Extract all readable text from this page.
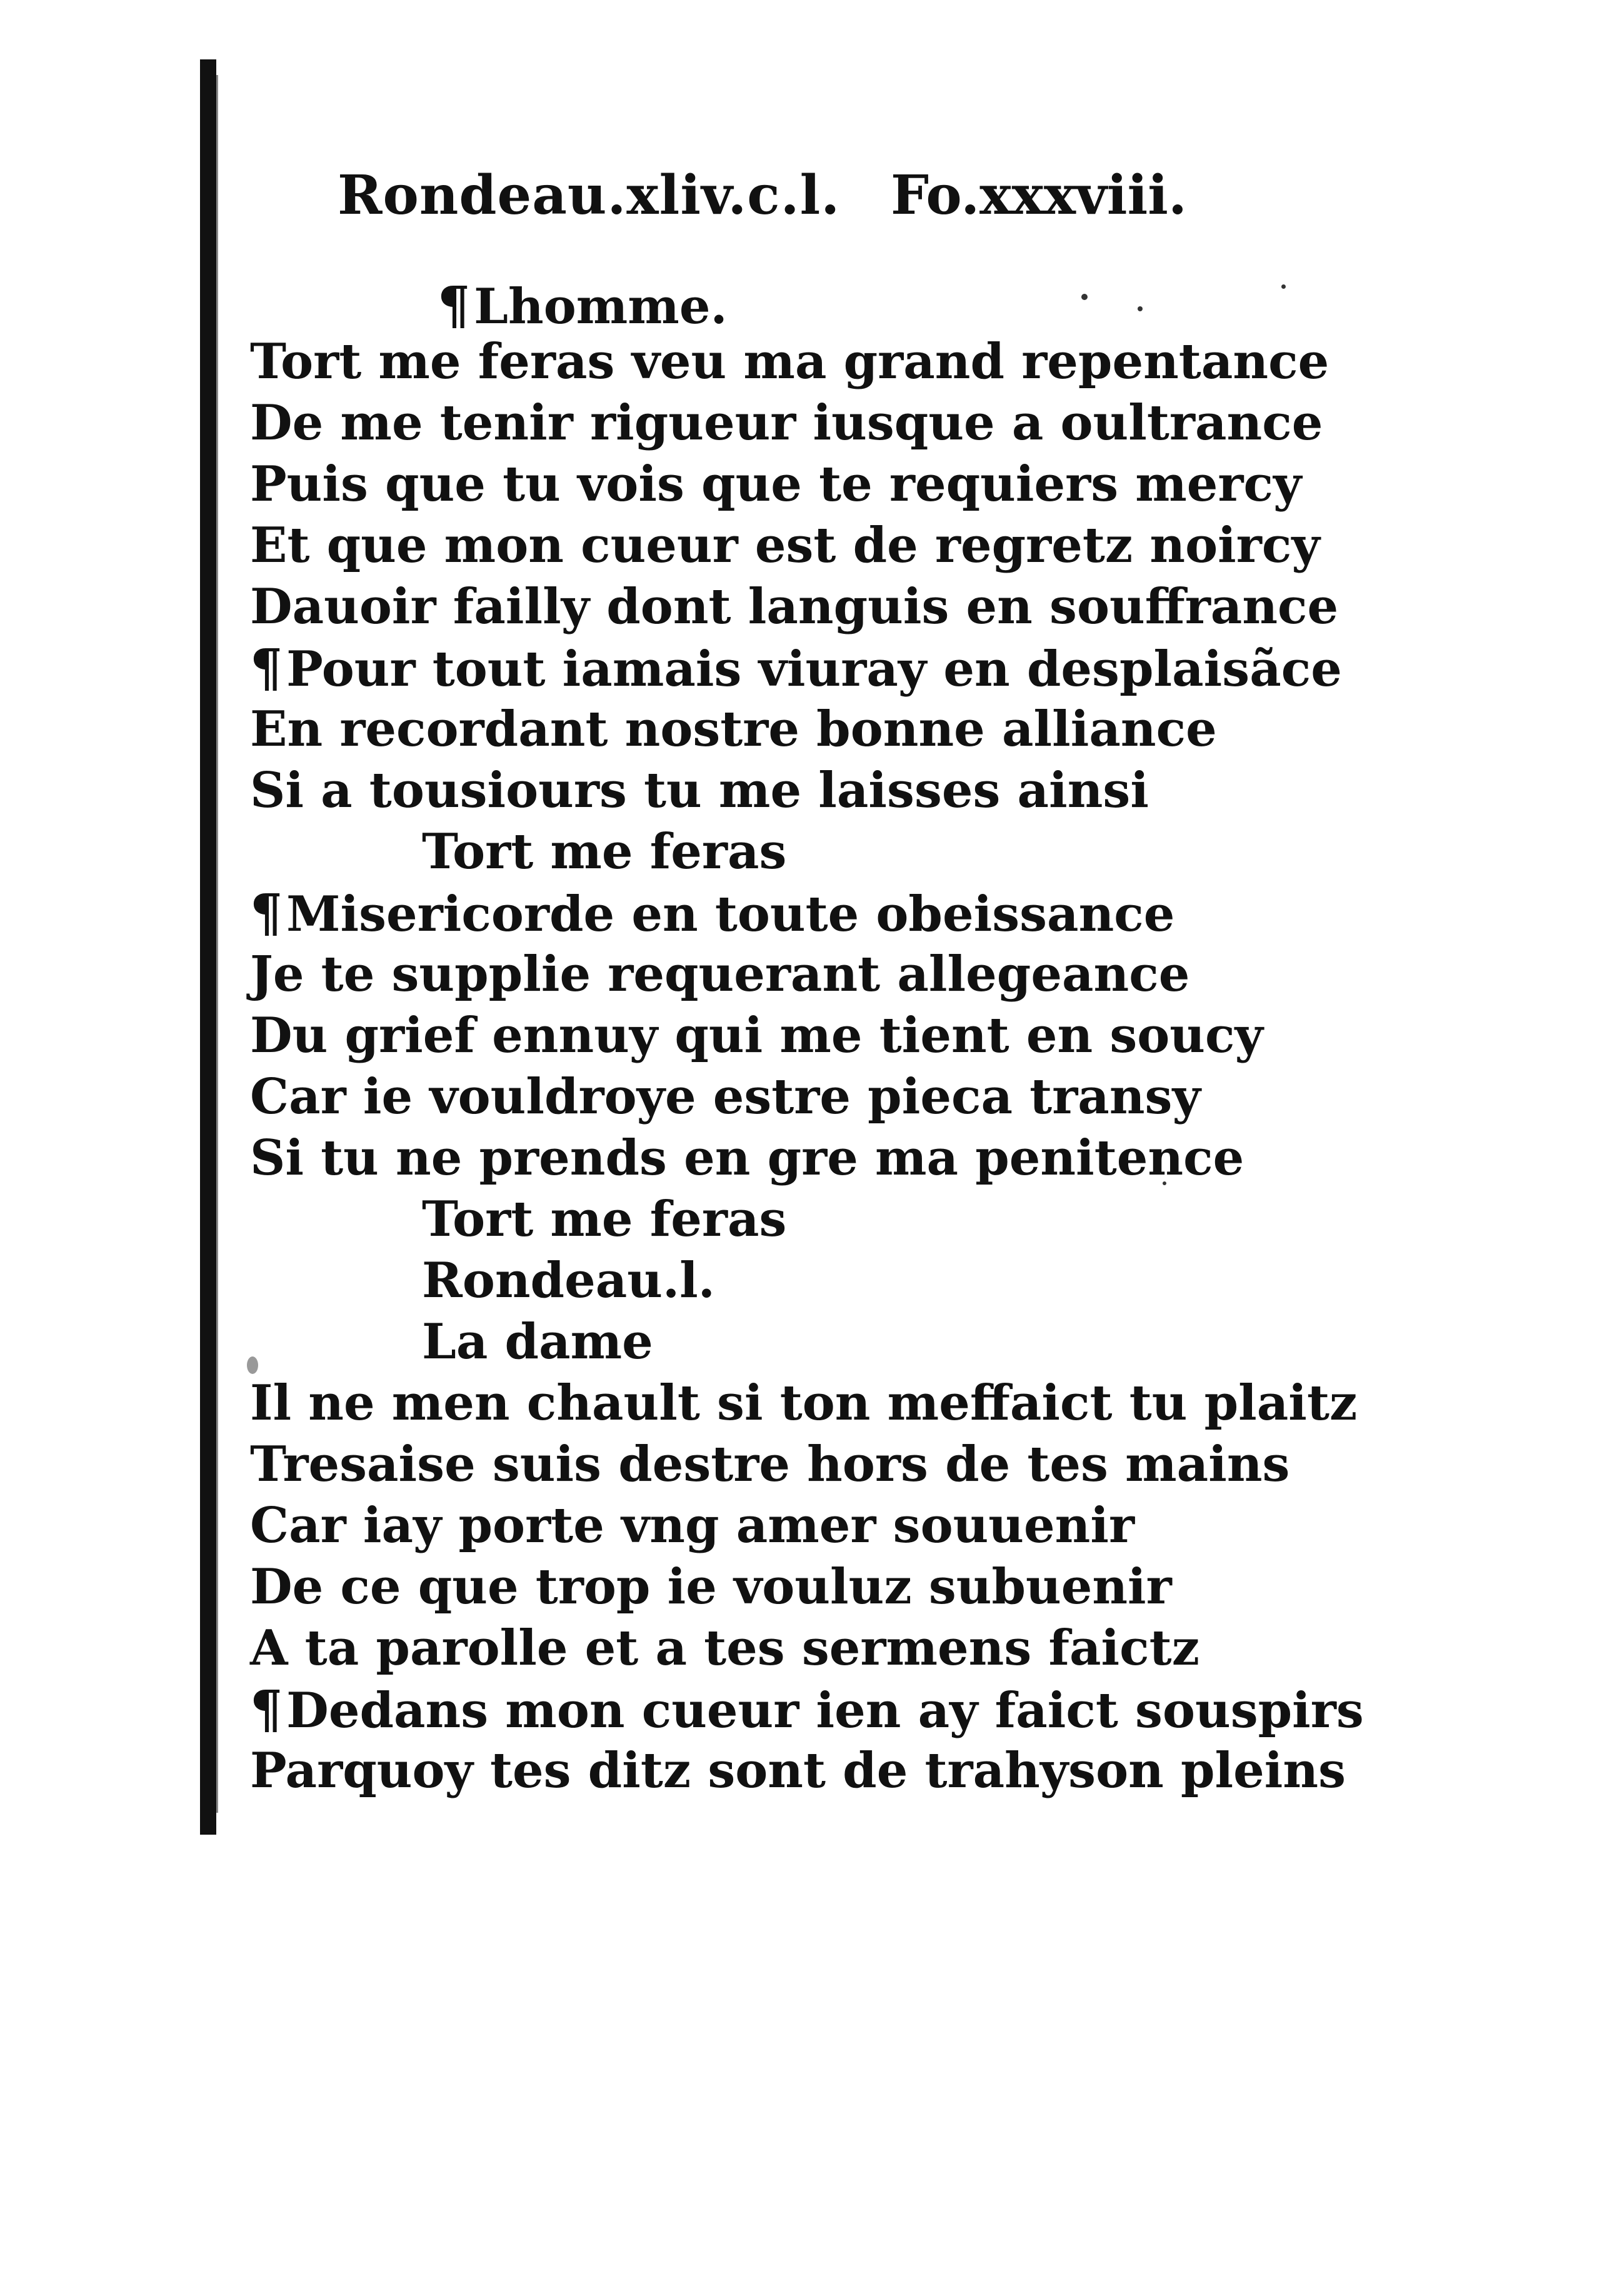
Rondeau.xliv.c.l. Fo.xxxviii.
¶Lhomme.
Tort me feras veu ma grand repentance
De me tenir rigueur iusque a oultrance
Puis que tu vois que te requiers mercy
Et que mon cueur est de regretz noircy
Dauoir failly dont languis en souffrance
¶Pour tout iamais viuray en desplaisãce
En recordant nostre bonne alliance
Si a tousiours tu me laisses ainsi
Tort me feras
¶Misericorde en toute obeissance
Je te supplie requerant allegeance
Du grief ennuy qui me tient en soucy
Car ie vouldroye estre pieca transy
Si tu ne prends en gre ma penitence
Tort me feras
Rondeau.l.
La dame
Il ne men chault si ton meffaict tu plaitz
Tresaise suis destre hors de tes mains
Car iay porte vng amer souuenir
De ce que trop ie vouluz subuenir
A ta parolle et a tes sermens faictz
¶Dedans mon cueur ien ay faict souspirs
Parquoy tes ditz sont de trahyson pleins
